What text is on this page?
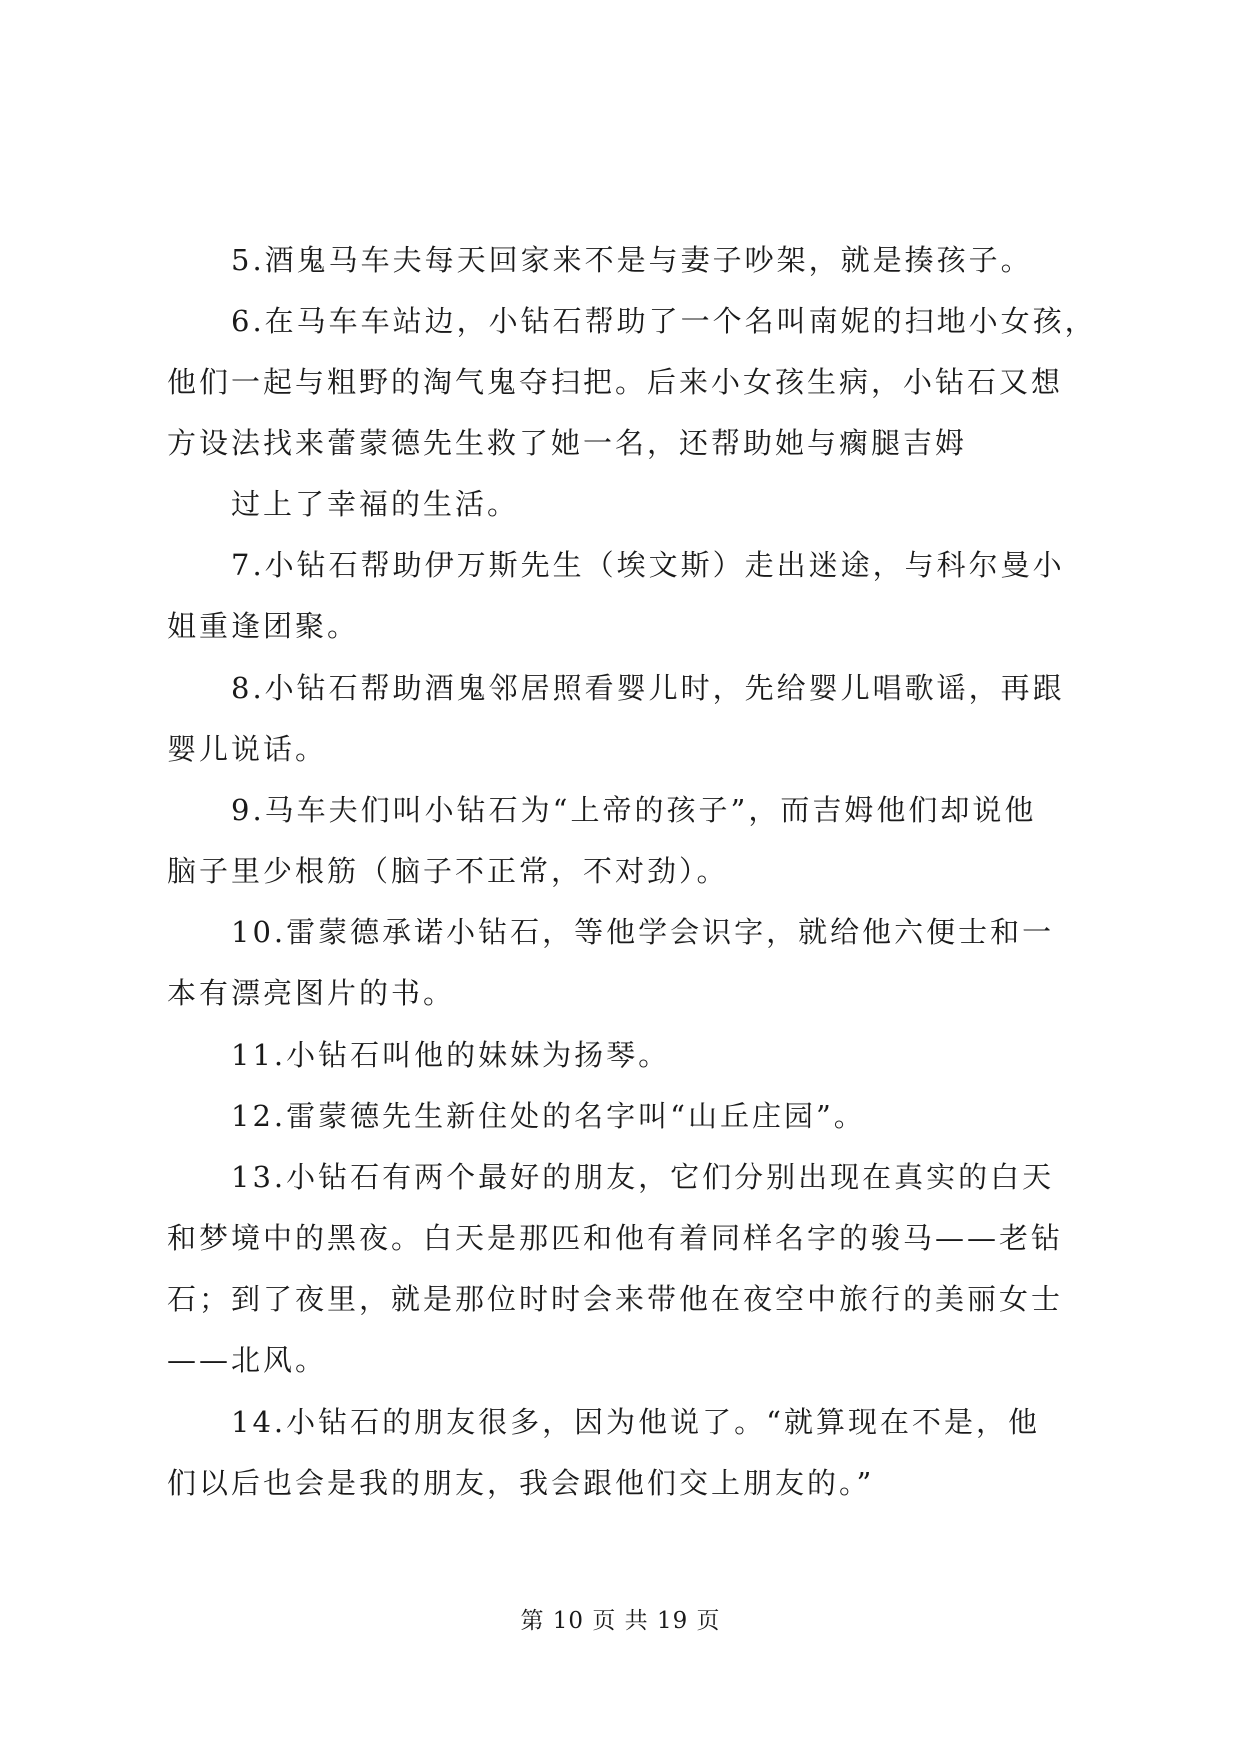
5.酒鬼马车夫每天回家来不是与妻子吵架，就是揍孩子。
6.在马车车站边，小钻石帮助了一个名叫南妮的扫地小女孩，
他们一起与粗野的淘气鬼夺扫把。后来小女孩生病，小钻石又想
方设法找来蕾蒙德先生救了她一名，还帮助她与瘸腿吉姆
过上了幸福的生活。
7.小钻石帮助伊万斯先生（埃文斯）走出迷途，与科尔曼小
姐重逢团聚。
8.小钻石帮助酒鬼邻居照看婴儿时，先给婴儿唱歌谣，再跟
婴儿说话。
9.马车夫们叫小钻石为“上帝的孩子”，而吉姆他们却说他
脑子里少根筋（脑子不正常，不对劲）。
10.雷蒙德承诺小钻石，等他学会识字，就给他六便士和一
本有漂亮图片的书。
11.小钻石叫他的妹妹为扬琴。
12.雷蒙德先生新住处的名字叫“山丘庄园”。
13.小钻石有两个最好的朋友，它们分别出现在真实的白天
和梦境中的黑夜。白天是那匹和他有着同样名字的骏马——老钻
石；到了夜里，就是那位时时会来带他在夜空中旅行的美丽女士
——北风。
14.小钻石的朋友很多，因为他说了。“就算现在不是，他
们以后也会是我的朋友，我会跟他们交上朋友的。”
第 10 页 共 19 页
